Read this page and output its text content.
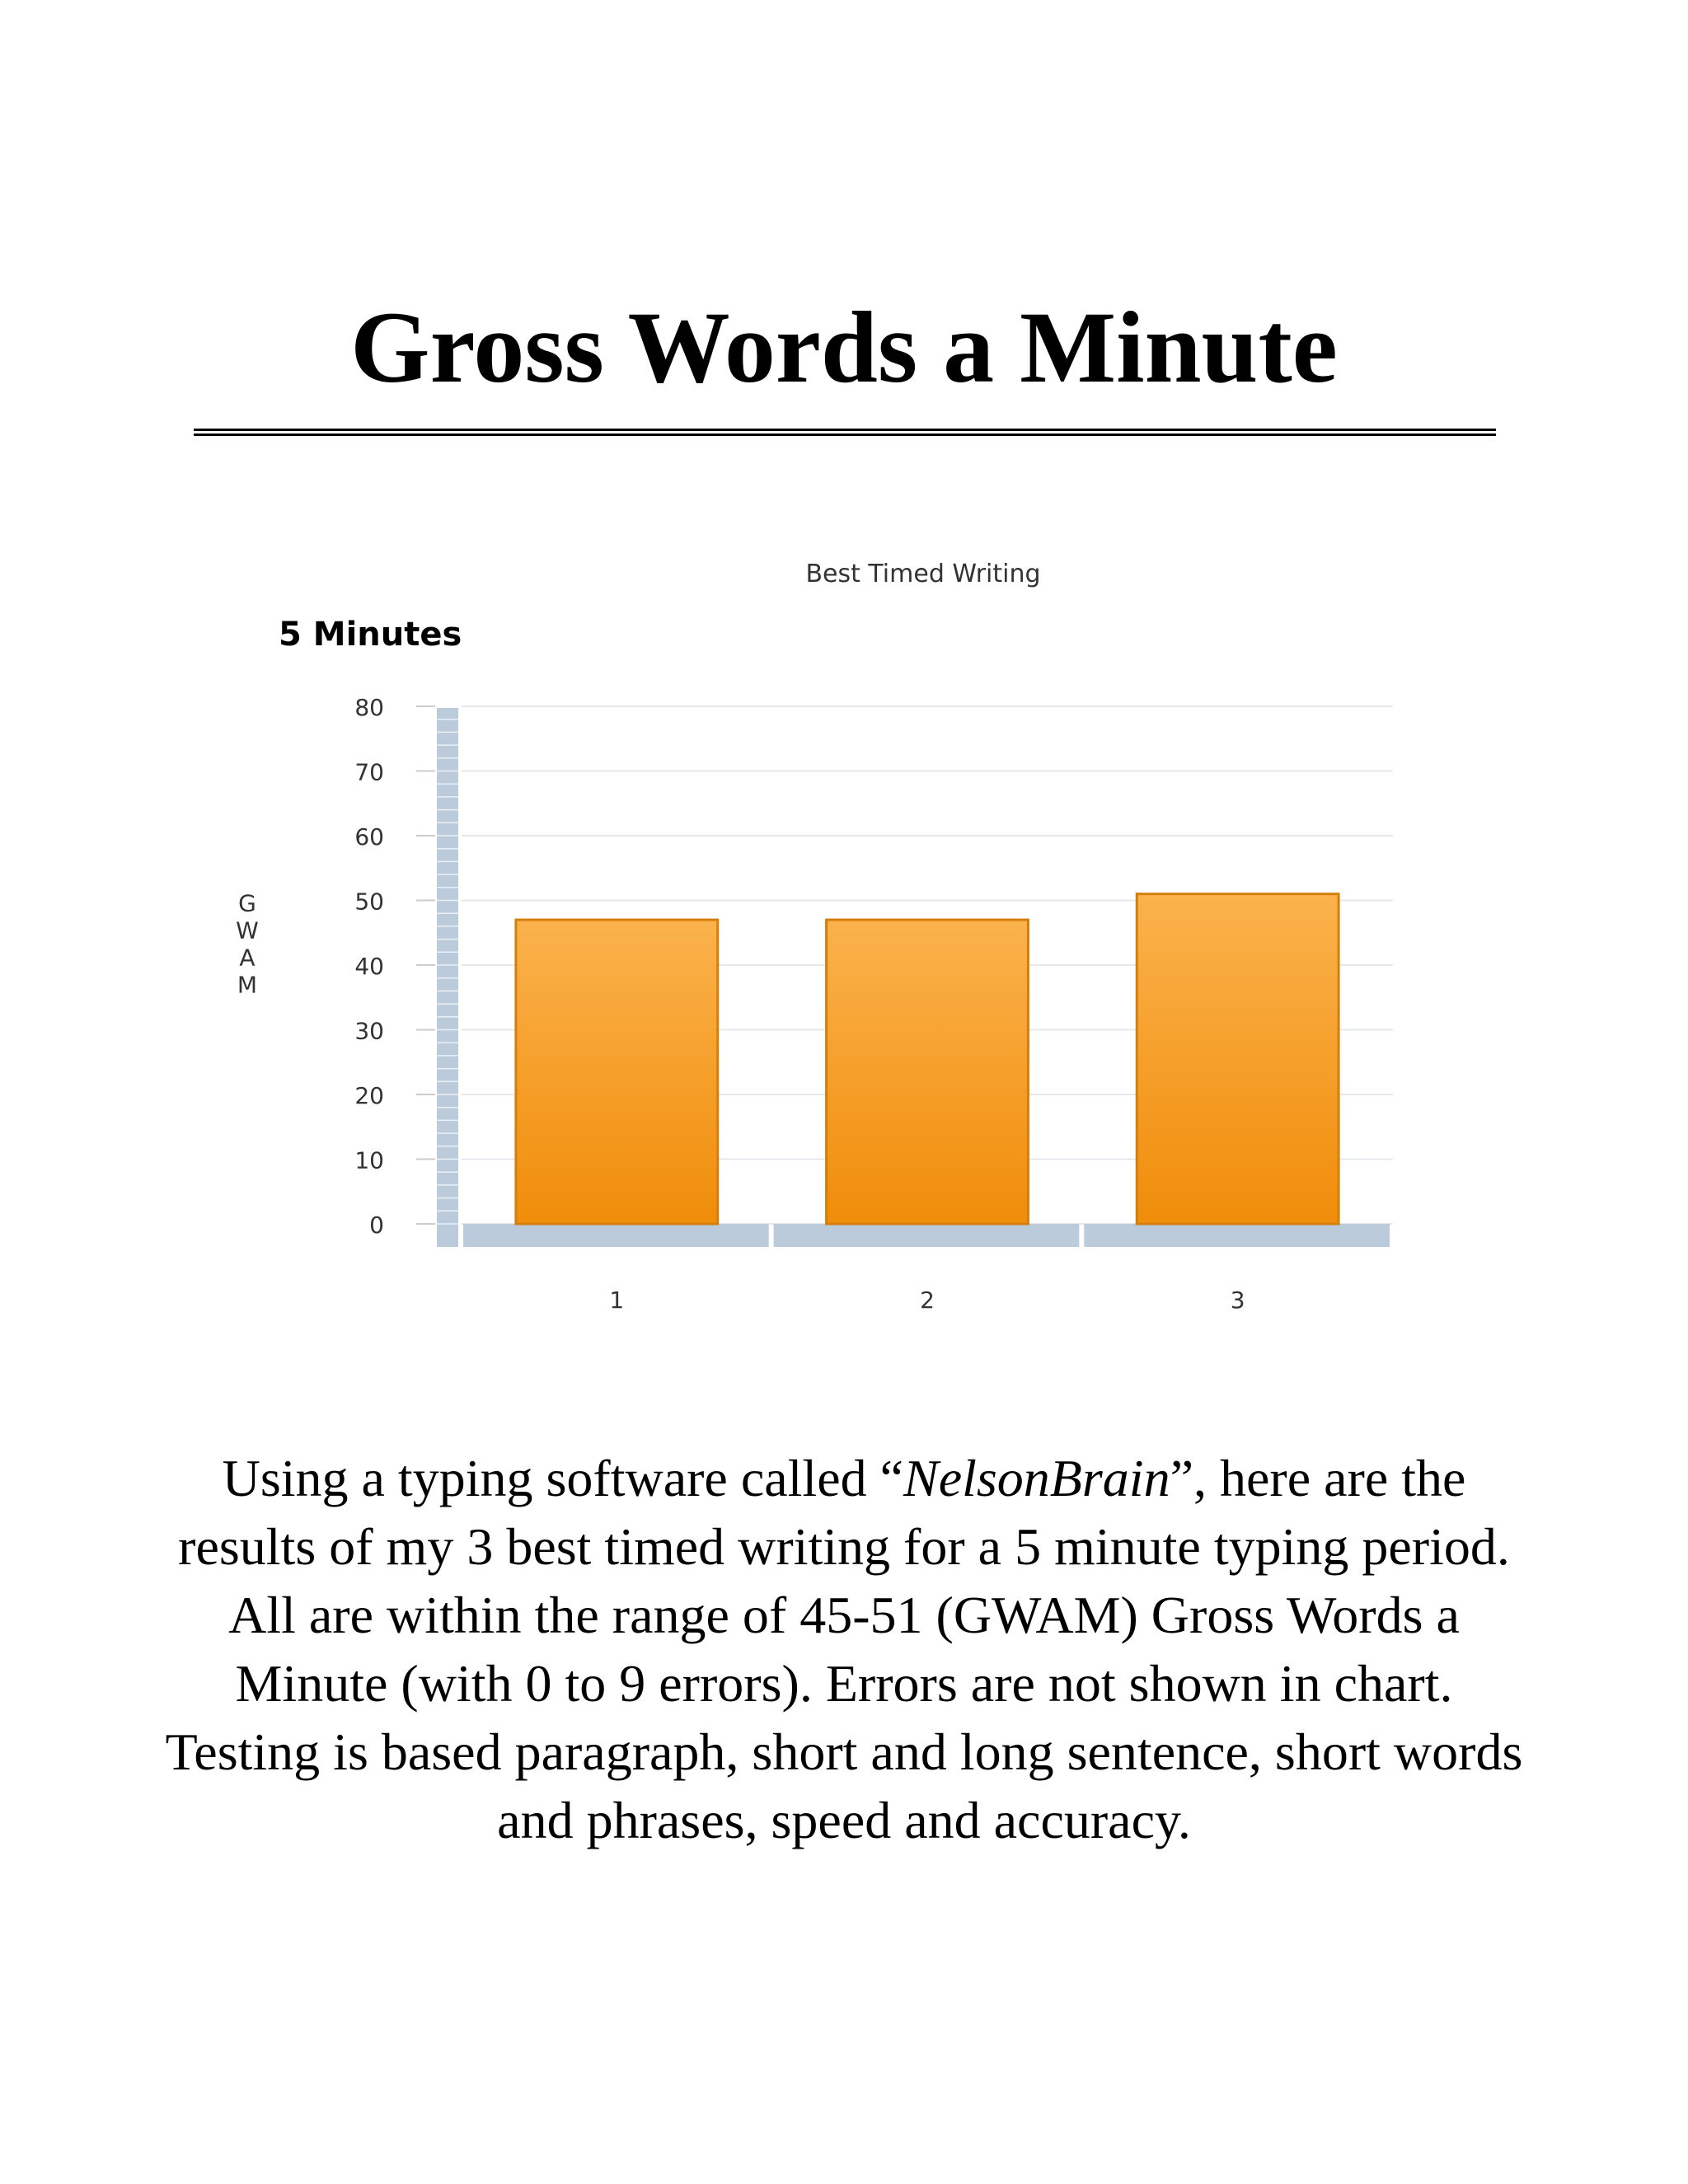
Gross Words a Minute
Best Timed Writing
5 Minutes
0
10
20
30
40
50
60
70
80
1	2	3
G
W
A
M

Using a typing software called “NelsonBrain”, here are the results of my 3 best timed writing for a 5 minute typing period. All are within the range of 45-51 (GWAM) Gross Words a Minute (with 0 to 9 errors). Errors are not shown in chart. Testing is based paragraph, short and long sentence, short words and phrases, speed and accuracy.
